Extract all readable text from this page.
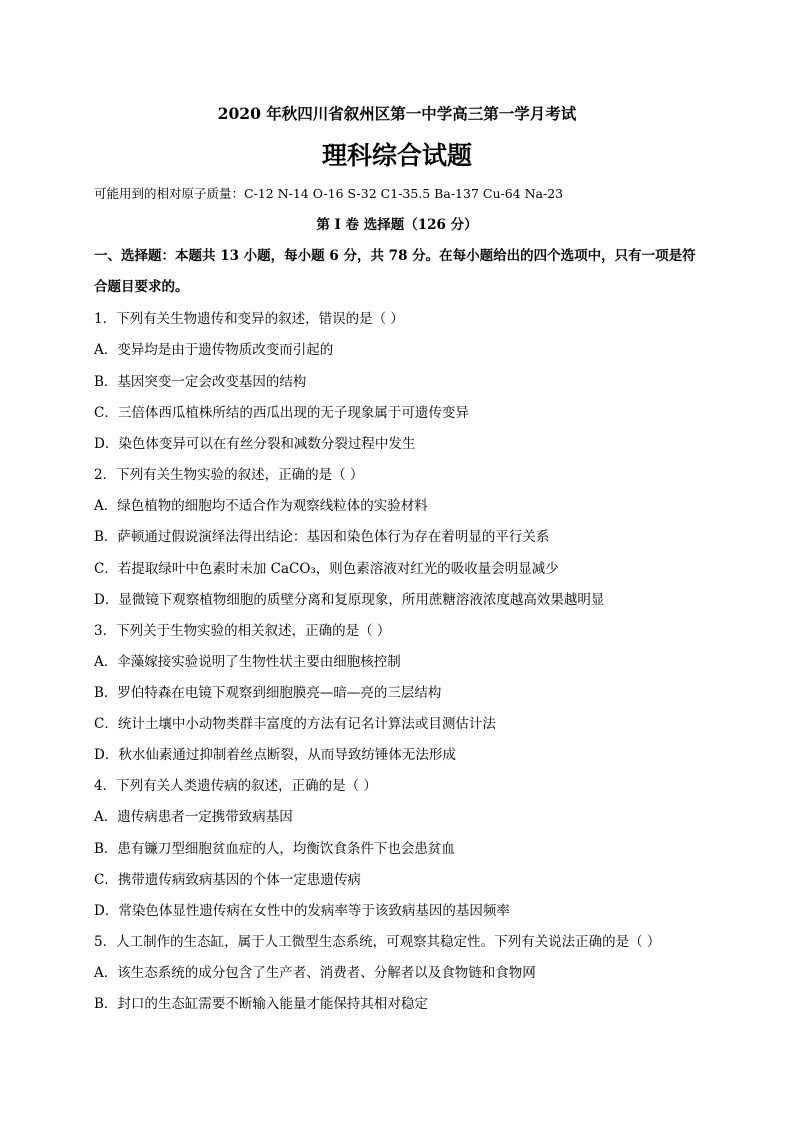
2020 年秋四川省叙州区第一中学高三第一学月考试
理科综合试题
可能用到的相对原子质量：C-12 N-14 O-16 S-32 C1-35.5 Ba-137 Cu-64 Na-23
第 I 卷 选择题（126 分）
一、选择题：本题共 13 小题，每小题 6 分，共 78 分。在每小题给出的四个选项中，只有一项是符
合题目要求的。
1．下列有关生物遗传和变异的叙述，错误的是（ ）
A．变异均是由于遗传物质改变而引起的
B．基因突变一定会改变基因的结构
C．三倍体西瓜植株所结的西瓜出现的无子现象属于可遗传变异
D．染色体变异可以在有丝分裂和减数分裂过程中发生
2．下列有关生物实验的叙述，正确的是（ ）
A．绿色植物的细胞均不适合作为观察线粒体的实验材料
B．萨顿通过假说演绎法得出结论：基因和染色体行为存在着明显的平行关系
C．若提取绿叶中色素时未加 CaCO₃，则色素溶液对红光的吸收量会明显减少
D．显微镜下观察植物细胞的质壁分离和复原现象，所用蔗糖溶液浓度越高效果越明显
3．下列关于生物实验的相关叙述，正确的是（ ）
A．伞藻嫁接实验说明了生物性状主要由细胞核控制
B．罗伯特森在电镜下观察到细胞膜亮—暗—亮的三层结构
C．统计土壤中小动物类群丰富度的方法有记名计算法或目测估计法
D．秋水仙素通过抑制着丝点断裂，从而导致纺锤体无法形成
4．下列有关人类遗传病的叙述，正确的是（ ）
A．遗传病患者一定携带致病基因
B．患有镰刀型细胞贫血症的人，均衡饮食条件下也会患贫血
C．携带遗传病致病基因的个体一定患遗传病
D．常染色体显性遗传病在女性中的发病率等于该致病基因的基因频率
5．人工制作的生态缸，属于人工微型生态系统，可观察其稳定性。下列有关说法正确的是（ ）
A．该生态系统的成分包含了生产者、消费者、分解者以及食物链和食物网
B．封口的生态缸需要不断输入能量才能保持其相对稳定
